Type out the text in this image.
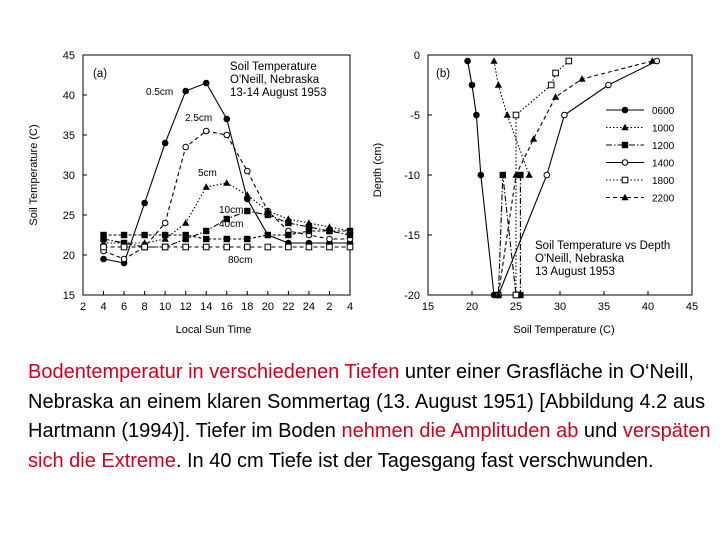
2 4 6 8 10 12 14 16 18 20 22 24 2 4
15
20
25
30
35
40
45
Local Sun Time
Soil Temperature (C)
(a)
Soil Temperature
O'Neill, Nebraska
13-14 August 1953
0.5cm
2.5cm
5cm
10cm
40cm
80cm
15	20	25	30	35	40	45
0
-5
-10
-15
-20
Soil Temperature (C)
Depth (cm)
(b)
Soil Temperature vs Depth
O'Neill, Nebraska
13 August 1953
0600
1000
1200
1400
1800
2200

Bodentemperatur in verschiedenen Tiefen unter einer Grasfläche in O‘Neill, Nebraska an einem klaren Sommertag (13. August 1951) [Abbildung 4.2 aus Hartmann (1994)]. Tiefer im Boden nehmen die Amplituden ab und verspäten sich die Extreme. In 40 cm Tiefe ist der Tagesgang fast verschwunden.
